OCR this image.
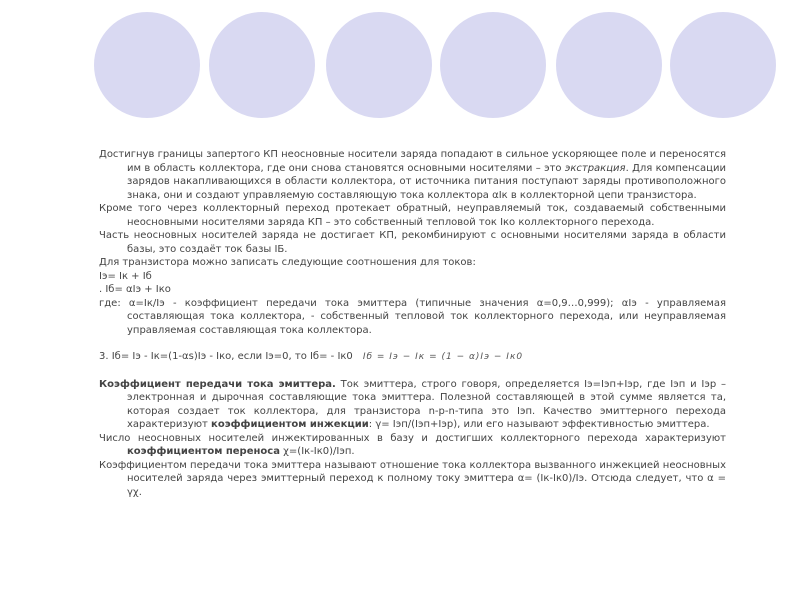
Достигнув границы запертого КП неосновные носители заряда попадают в сильное ускоряющее поле и переносятся им в область коллектора, где они снова становятся основными носителями – это экстракция. Для компенсации зарядов накапливающихся в области коллектора, от источника питания поступают заряды противоположного знака, они и создают управляемую составляющую тока коллектора αIк в коллекторной цепи транзистора.

Кроме того через коллекторный переход протекает обратный, неуправляемый ток, создаваемый собственными неосновными носителями заряда КП – это собственный тепловой ток Iко коллекторного перехода.

Часть неосновных носителей заряда не достигает КП, рекомбинируют с основными носителями заряда в области базы, это создаёт ток базы IБ.

Для транзистора можно записать следующие соотношения для токов:

Iэ= Iк + Iб

. Iб= αIэ + Iко

где: α=Iк/Iэ - коэффициент передачи тока эмиттера (типичные значения α=0,9…0,999); αIэ - управляемая составляющая тока коллектора, - собственный тепловой ток коллекторного перехода, или неуправляемая управляемая составляющая тока коллектора.

3. Iб= Iэ - Iк=(1-αs)Iэ - Iко, если Iэ=0, то Iб= - Iк0 Iб = Iэ − Iк = (1 − α)Iэ − Iк0

Коэффициент передачи тока эмиттера. Ток эмиттера, строго говоря, определяется Iэ=Iэп+Iэр, где Iэп и Iэр – электронная и дырочная составляющие тока эмиттера. Полезной составляющей в этой сумме является та, которая создает ток коллектора, для транзистора n-p-n-типа это Iэп. Качество эмиттерного перехода характеризуют коэффициентом инжекции: γ= Iэп/(Iэп+Iэр), или его называют эффективностью эмиттера.

Число неосновных носителей инжектированных в базу и достигших коллекторного перехода характеризуют коэффициентом переноса χ=(Iк-Iк0)/Iэп.

Коэффициентом передачи тока эмиттера называют отношение тока коллектора вызванного инжекцией неосновных носителей заряда через эмиттерный переход к полному току эмиттера α= (Iк-Iк0)/Iэ. Отсюда следует, что α = γχ.
